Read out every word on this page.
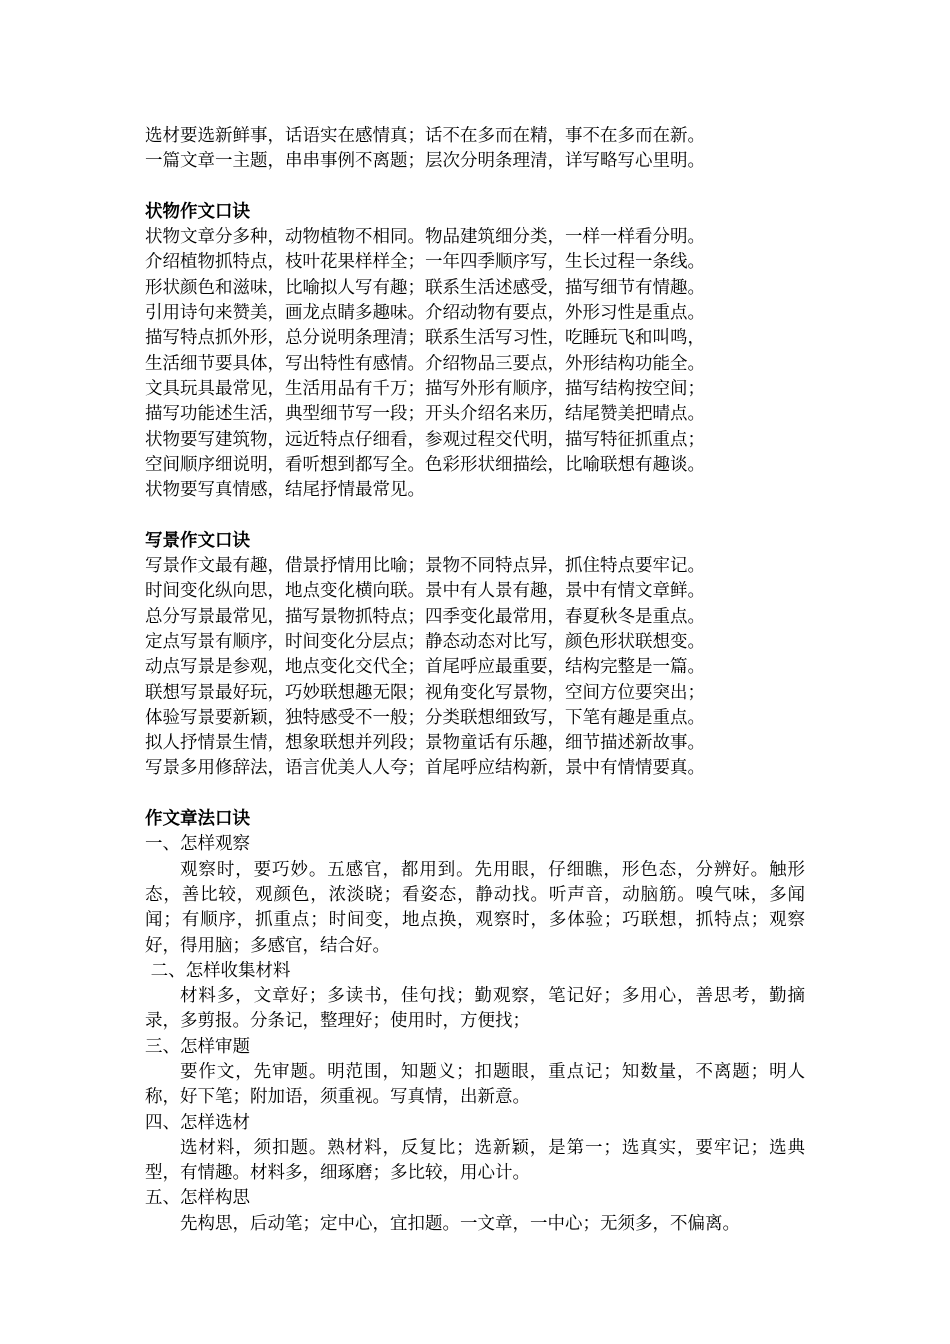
选材要选新鲜事，话语实在感情真；话不在多而在精，事不在多而在新。

一篇文章一主题，串串事例不离题；层次分明条理清，详写略写心里明。

状物作文口诀

状物文章分多种，动物植物不相同。物品建筑细分类，一样一样看分明。

介绍植物抓特点，枝叶花果样样全；一年四季顺序写，生长过程一条线。

形状颜色和滋味，比喻拟人写有趣；联系生活述感受，描写细节有情趣。

引用诗句来赞美，画龙点睛多趣味。介绍动物有要点，外形习性是重点。

描写特点抓外形，总分说明条理清；联系生活写习性，吃睡玩飞和叫鸣，

生活细节要具体，写出特性有感情。介绍物品三要点，外形结构功能全。

文具玩具最常见，生活用品有千万；描写外形有顺序，描写结构按空间；

描写功能述生活，典型细节写一段；开头介绍名来历，结尾赞美把晴点。

状物要写建筑物，远近特点仔细看，参观过程交代明，描写特征抓重点；

空间顺序细说明，看听想到都写全。色彩形状细描绘，比喻联想有趣谈。

状物要写真情感，结尾抒情最常见。

写景作文口诀

写景作文最有趣，借景抒情用比喻；景物不同特点异，抓住特点要牢记。

时间变化纵向思，地点变化横向联。景中有人景有趣，景中有情文章鲜。

总分写景最常见，描写景物抓特点；四季变化最常用，春夏秋冬是重点。

定点写景有顺序，时间变化分层点；静态动态对比写，颜色形状联想变。

动点写景是参观，地点变化交代全；首尾呼应最重要，结构完整是一篇。

联想写景最好玩，巧妙联想趣无限；视角变化写景物，空间方位要突出；

体验写景要新颖，独特感受不一般；分类联想细致写，下笔有趣是重点。

拟人抒情景生情，想象联想并列段；景物童话有乐趣，细节描述新故事。

写景多用修辞法，语言优美人人夸；首尾呼应结构新，景中有情情要真。

作文章法口诀

一、怎样观察

观察时，要巧妙。五感官，都用到。先用眼，仔细瞧，形色态，分辨好。触形态，善比较，观颜色，浓淡晓；看姿态，静动找。听声音，动脑筋。嗅气味，多闻闻；有顺序，抓重点；时间变，地点换，观察时，多体验；巧联想，抓特点；观察好，得用脑；多感官，结合好。

二、怎样收集材料

材料多，文章好；多读书，佳句找；勤观察，笔记好；多用心，善思考，勤摘录，多剪报。分条记，整理好；使用时，方便找；

三、怎样审题

要作文，先审题。明范围，知题义；扣题眼，重点记；知数量，不离题；明人称，好下笔；附加语，须重视。写真情，出新意。

四、怎样选材

选材料，须扣题。熟材料，反复比；选新颖，是第一；选真实，要牢记；选典型，有情趣。材料多，细琢磨；多比较，用心计。

五、怎样构思

先构思，后动笔；定中心，宜扣题。一文章，一中心；无须多，不偏离。
